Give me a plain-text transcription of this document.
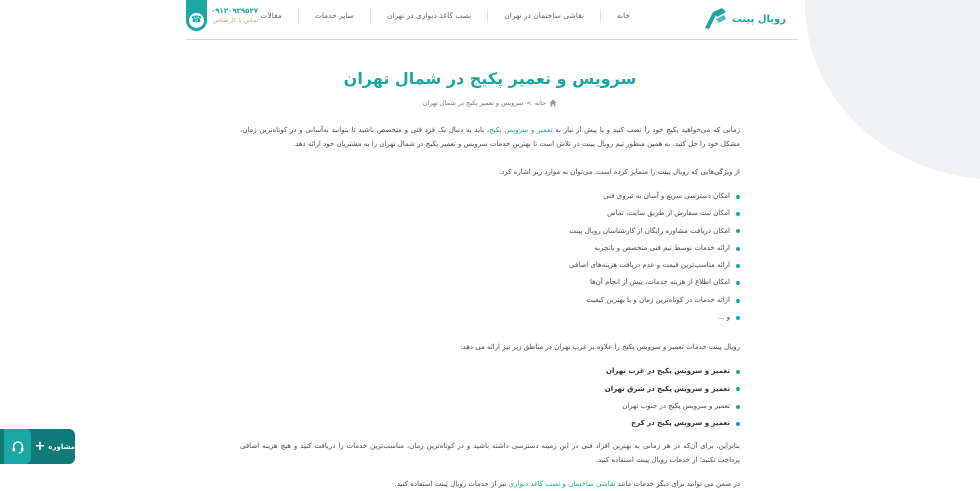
رویال پینت
خانه
نقاشی ساختمان در تهران
نصب کاغذ دیواری در تهران
سایر خدمات
مقالات
☎
۰۹۱۲۰۹۳۹۵۲۷
تماس با کارشناس
سرویس و تعمیر پکیج در شمال تهران
خانه
>
سرویس و تعمیر پکیج در شمال تهران

زمانی که می‌خواهید پکیج خود را نصب کنید و یا پیش از نیاز به تعمیر و سرویس پکیج، باید به دنبال یک فرد فنی و متخصص باشید تا بتوانید به‌آسانی و در کوتاه‌ترین زمان، مشکل خود را حل کنید. به همین منظور تیم رویال پینت در تلاش است تا بهترین خدمات سرویس و تعمیر پکیج در شمال تهران را به مشتریان خود ارائه دهد.

از ویژگی‌هایی که رویال پینت را متمایز کرده است، می‌توان به موارد زیر اشاره کرد:

امکان دسترسی سریع و آسان به نیروی فنی
امکان ثبت سفارش از طریق سایت، تماس
امکان دریافت مشاوره رایگان از کارشناسان رویال پینت
ارائه خدمات توسط تیم فنی متخصص و باتجربه
ارائه مناسب‌ترین قیمت و عدم دریافت هزینه‌های اضافی
امکان اطلاع از هزینه خدمات، پیش از انجام آن‌ها
ارائه خدمات در کوتاه‌ترین زمان و با بهترین کیفیت
و ...

رویال پینت خدمات تعمیر و سرویس پکیج را علاوه بر غرب تهران در مناطق زیر نیز ارائه می دهد:

تعمیر و سرویس پکیج در غرب تهران
تعمیر و سرویس پکیج در شرق تهران
تعمیر و سرویس پکیج در جنوب تهران
تعمیر و سرویس پکیج در کرج

بنابراین، برای آن‌که در هر زمانی به بهترین افراد فنی در این زمینه دسترسی داشته باشید و در کوتاه‌ترین زمان، مناسب‌ترین خدمات را دریافت کنید و هیچ هزینه اضافی پرداخت نکنید؛ از خدمات رویال پینت استفاده کنید.

در ضمن می توانید برای دیگر خدمات مانند نقاشی ساختمان و نصب کاغذ دیواری نیز از خدمات رویال پینت استفاده کنید.

مشاوره
+
